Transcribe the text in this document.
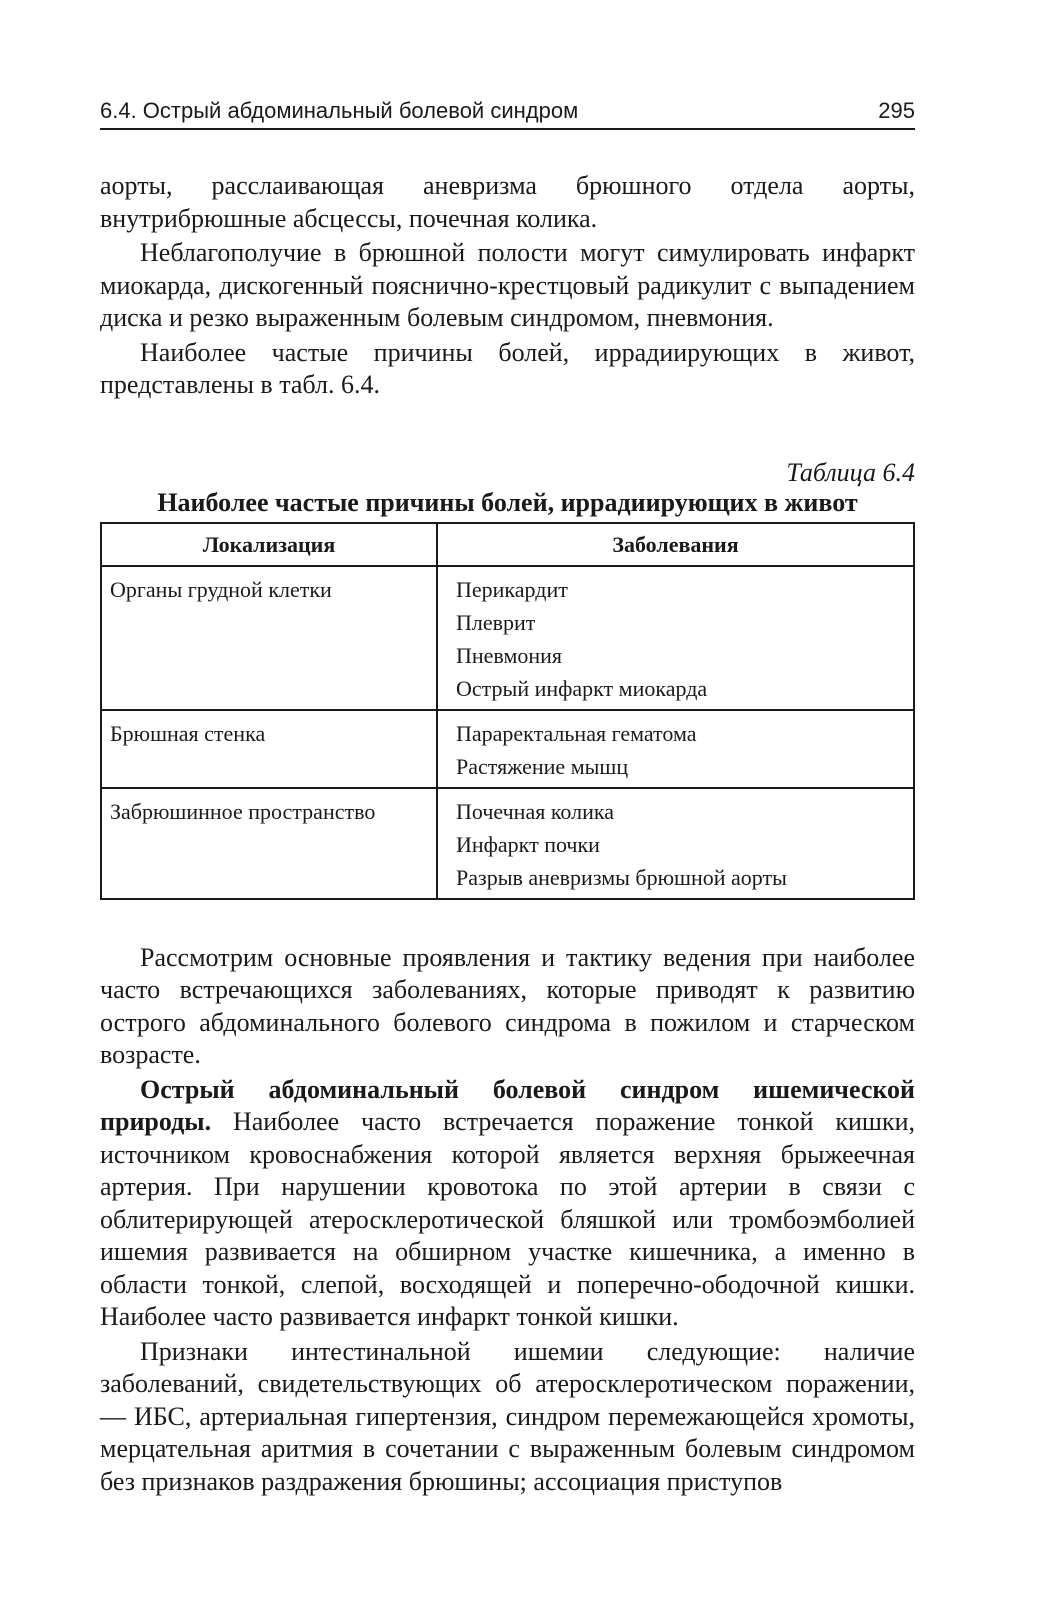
6.4. Острый абдоминальный болевой синдром	295

аорты, расслаивающая аневризма брюшного отдела аорты, внутрибрюшные абсцессы, почечная колика.

Неблагополучие в брюшной полости могут симулировать инфаркт миокарда, дискогенный пояснично-крестцовый радикулит с выпадением диска и резко выраженным болевым синдромом, пневмония.

Наиболее частые причины болей, иррадиирующих в живот, представлены в табл. 6.4.

Таблица 6.4
Наиболее частые причины болей, иррадиирующих в живот
Локализация	Заболевания
Органы грудной клетки	Перикардит
Плеврит
Пневмония
Острый инфаркт миокарда

Брюшная стенка	Параректальная гематома
Растяжение мышц

Забрюшинное пространство	Почечная колика
Инфаркт почки
Разрыв аневризмы брюшной аорты

Рассмотрим основные проявления и тактику ведения при наиболее часто встречающихся заболеваниях, которые приводят к развитию острого абдоминального болевого синдрома в пожилом и старческом возрасте.

Острый абдоминальный болевой синдром ишемической природы. Наиболее часто встречается поражение тонкой кишки, источником кровоснабжения которой является верхняя брыжеечная артерия. При нарушении кровотока по этой артерии в связи с облитерирующей атеросклеротической бляшкой или тромбоэмболией ишемия развивается на обширном участке кишечника, а именно в области тонкой, слепой, восходящей и поперечно-ободочной кишки. Наиболее часто развивается инфаркт тонкой кишки.

Признаки интестинальной ишемии следующие: наличие заболеваний, свидетельствующих об атеросклеротическом поражении, — ИБС, артериальная гипертензия, синдром перемежающейся хромоты, мерцательная аритмия в сочетании с выраженным болевым синдромом без признаков раздражения брюшины; ассоциация приступов
